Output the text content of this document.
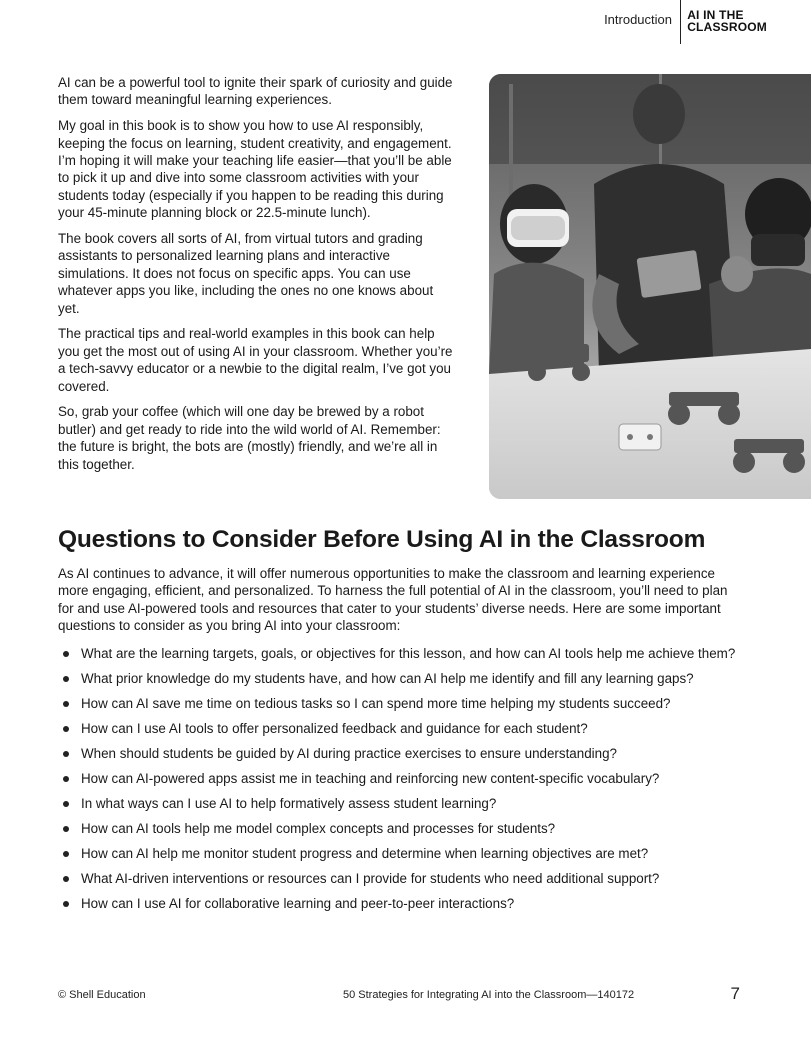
Introduction AI IN THE
CLASSROOM

AI can be a powerful tool to ignite their spark of curiosity and guide them toward meaningful learning experiences.

My goal in this book is to show you how to use AI responsibly, keeping the focus on learning, student creativity, and engagement. I’m hoping it will make your teaching life easier—that you’ll be able to pick it up and dive into some classroom activities with your students today (especially if you happen to be reading this during your 45-minute planning block or 22.5-minute lunch).

The book covers all sorts of AI, from virtual tutors and grading assistants to personalized learning plans and interactive simulations. It does not focus on specific apps. You can use whatever apps you like, including the ones no one knows about yet.

The practical tips and real-world examples in this book can help you get the most out of using AI in your classroom. Whether you’re a tech-savvy educator or a newbie to the digital realm, I’ve got you covered.

So, grab your coffee (which will one day be brewed by a robot butler) and get ready to ride into the wild world of AI. Remember: the future is bright, the bots are (mostly) friendly, and we’re all in this together.

Questions to Consider Before Using AI in the Classroom

As AI continues to advance, it will offer numerous opportunities to make the classroom and learning experience more engaging, efficient, and personalized. To harness the full potential of AI in the classroom, you’ll need to plan for and use AI-powered tools and resources that cater to your students’ diverse needs. Here are some important questions to consider as you bring AI into your classroom:

What are the learning targets, goals, or objectives for this lesson, and how can AI tools help me achieve them?
What prior knowledge do my students have, and how can AI help me identify and fill any learning gaps?
How can AI save me time on tedious tasks so I can spend more time helping my students succeed?
How can I use AI tools to offer personalized feedback and guidance for each student?
When should students be guided by AI during practice exercises to ensure understanding?
How can AI-powered apps assist me in teaching and reinforcing new content-specific vocabulary?
In what ways can I use AI to help formatively assess student learning?
How can AI tools help me model complex concepts and processes for students?
How can AI help me monitor student progress and determine when learning objectives are met?
What AI-driven interventions or resources can I provide for students who need additional support?
How can I use AI for collaborative learning and peer-to-peer interactions?
© Shell Education	50 Strategies for Integrating AI into the Classroom—140172	7
